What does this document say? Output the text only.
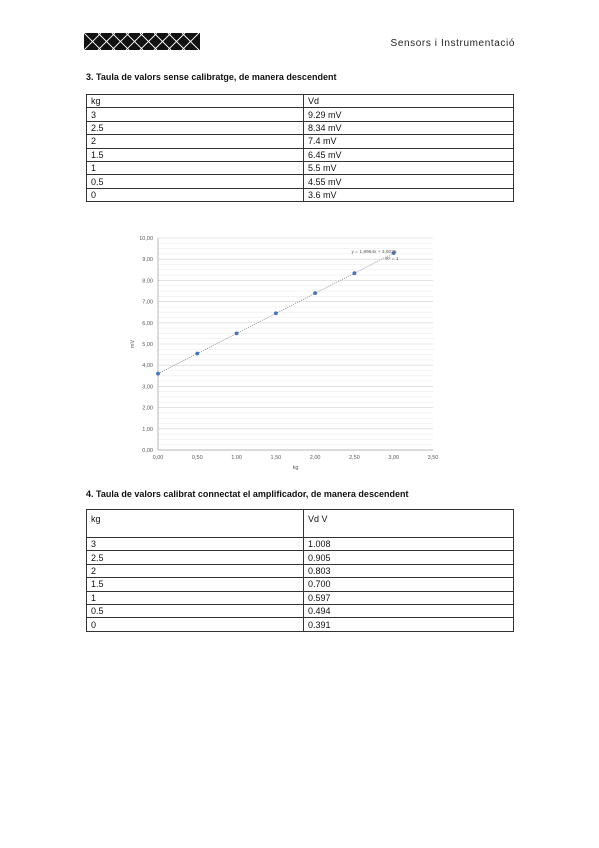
Sensors i Instrumentació
3. Taula de valors sense calibratge, de manera descendent
kg	Vd
3	9.29 mV
2.5	8.34 mV
2	7.4 mV
1.5	6.45 mV
1	5.5 mV
0.5	4.55 mV
0	3.6 mV
0,00
1,00
2,00
3,00
4,00
5,00
6,00
7,00
8,00
9,00
10,00
0,00	0,50	1,00	1,50	2,00	2,50	3,00	3,50
kg
mV
y = 1,8964x + 3,6025
R² = 1
4. Taula de valors calibrat connectat el amplificador, de manera descendent
kg	Vd V
3	1.008
2.5	0.905
2	0.803
1.5	0.700
1	0.597
0.5	0.494
0	0.391
